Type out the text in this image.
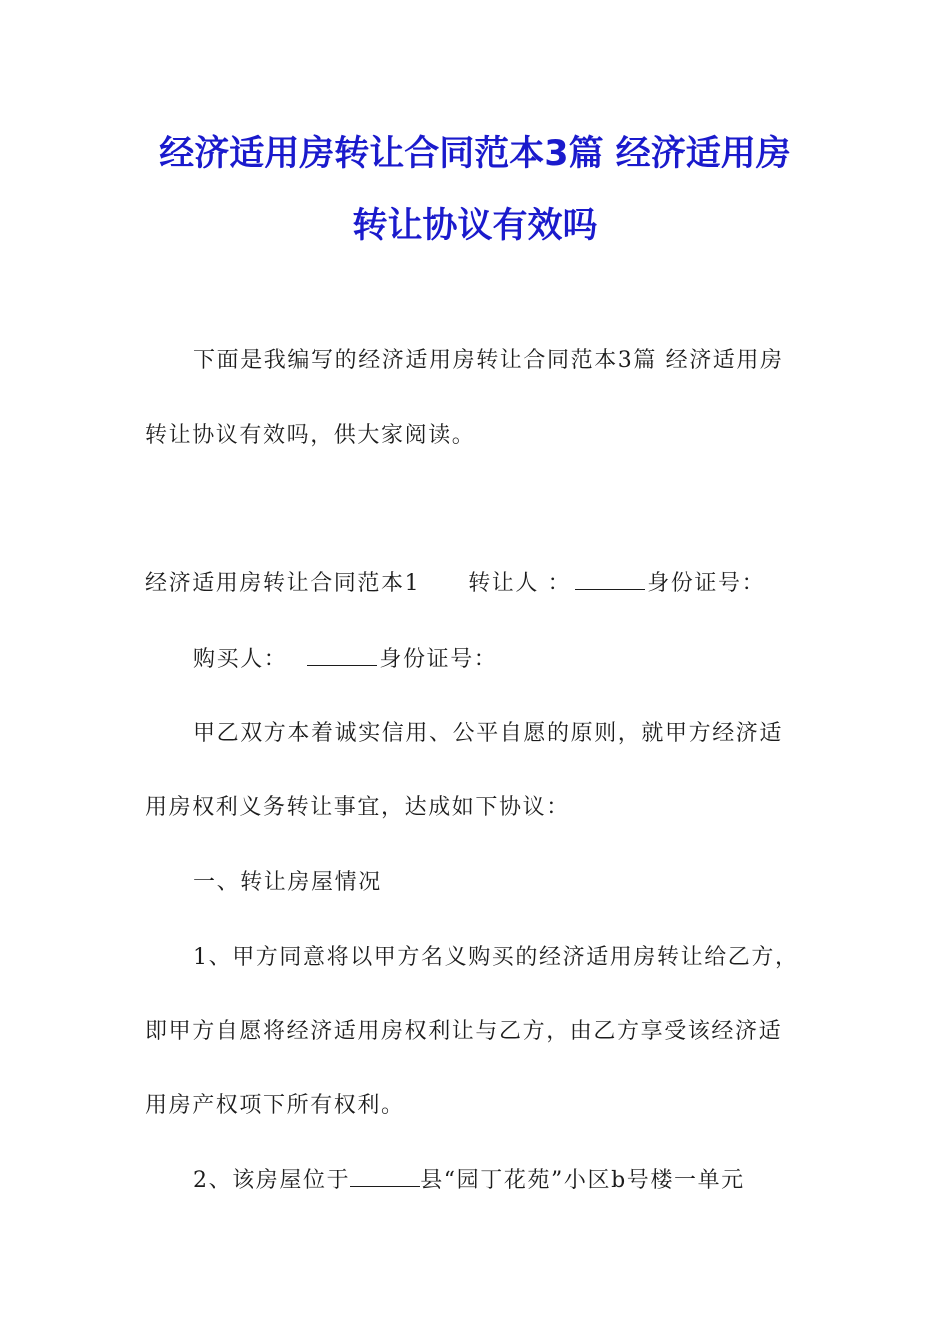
经济适用房转让合同范本3篇 经济适用房
转让协议有效吗
下面是我编写的经济适用房转让合同范本3篇 经济适用房
转让协议有效吗，供大家阅读。
经济适用房转让合同范本1 转让人 ：	身份证号：
购买人：	身份证号：
甲乙双方本着诚实信用、公平自愿的原则，就甲方经济适
用房权利义务转让事宜，达成如下协议：
一、转让房屋情况
1、甲方同意将以甲方名义购买的经济适用房转让给乙方，
即甲方自愿将经济适用房权利让与乙方，由乙方享受该经济适
用房产权项下所有权利。
2、该房屋位于	县“园丁花苑”小区b号楼一单元
